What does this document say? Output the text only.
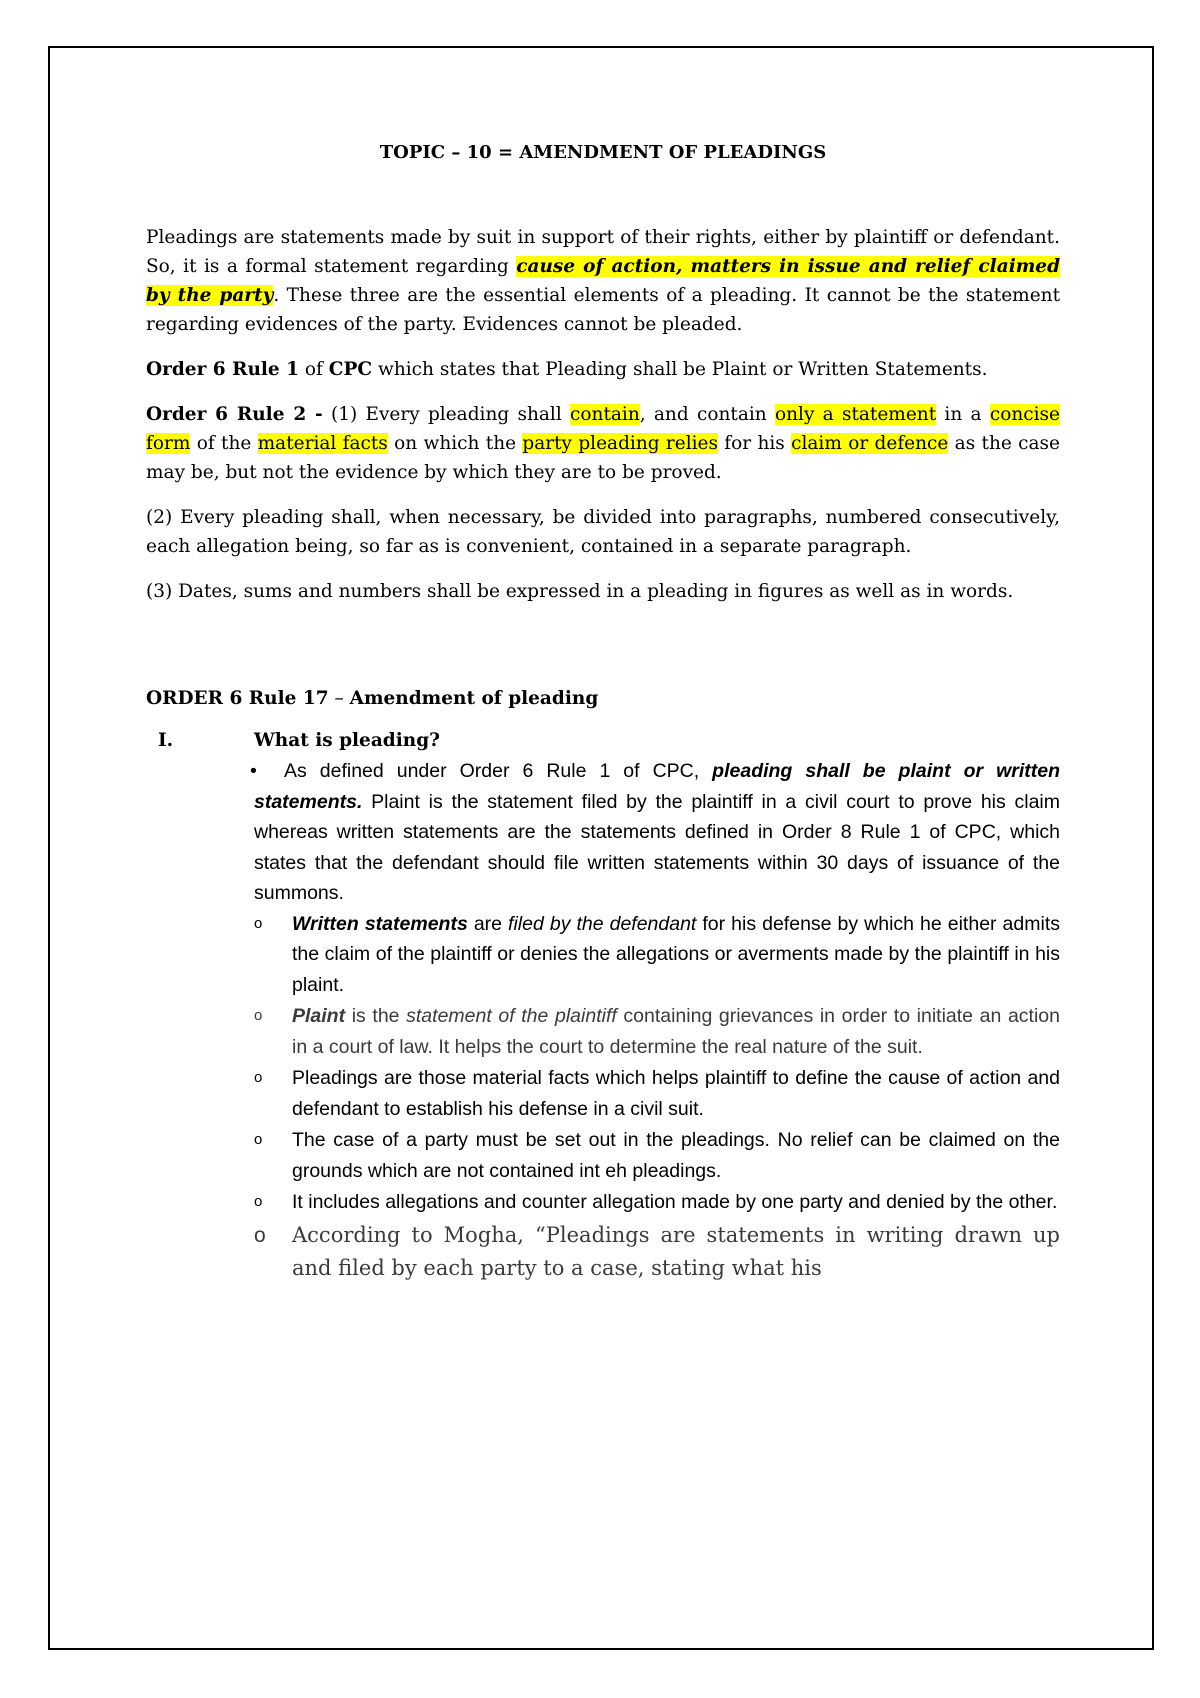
TOPIC – 10 = AMENDMENT OF PLEADINGS

Pleadings are statements made by suit in support of their rights, either by plaintiff or defendant. So, it is a formal statement regarding cause of action, matters in issue and relief claimed by the party. These three are the essential elements of a pleading. It cannot be the statement regarding evidences of the party. Evidences cannot be pleaded.

Order 6 Rule 1 of CPC which states that Pleading shall be Plaint or Written Statements.

Order 6 Rule 2 - (1) Every pleading shall contain, and contain only a statement in a concise form of the material facts on which the party pleading relies for his claim or defence as the case may be, but not the evidence by which they are to be proved.

(2) Every pleading shall, when necessary, be divided into paragraphs, numbered consecutively, each allegation being, so far as is convenient, contained in a separate paragraph.

(3) Dates, sums and numbers shall be expressed in a pleading in figures as well as in words.

ORDER 6 Rule 17 – Amendment of pleading
I.	What is pleading?
• As defined under Order 6 Rule 1 of CPC, pleading shall be plaint or written statements. Plaint is the statement filed by the plaintiff in a civil court to prove his claim whereas written statements are the statements defined in Order 8 Rule 1 of CPC, which states that the defendant should file written statements within 30 days of issuance of the summons.
o Written statements are filed by the defendant for his defense by which he either admits the claim of the plaintiff or denies the allegations or averments made by the plaintiff in his plaint.
o Plaint is the statement of the plaintiff containing grievances in order to initiate an action in a court of law. It helps the court to determine the real nature of the suit.
o Pleadings are those material facts which helps plaintiff to define the cause of action and defendant to establish his defense in a civil suit.
o The case of a party must be set out in the pleadings. No relief can be claimed on the grounds which are not contained int eh pleadings.
o It includes allegations and counter allegation made by one party and denied by the other.
o According to Mogha, “Pleadings are statements in writing drawn up and filed by each party to a case, stating what his
